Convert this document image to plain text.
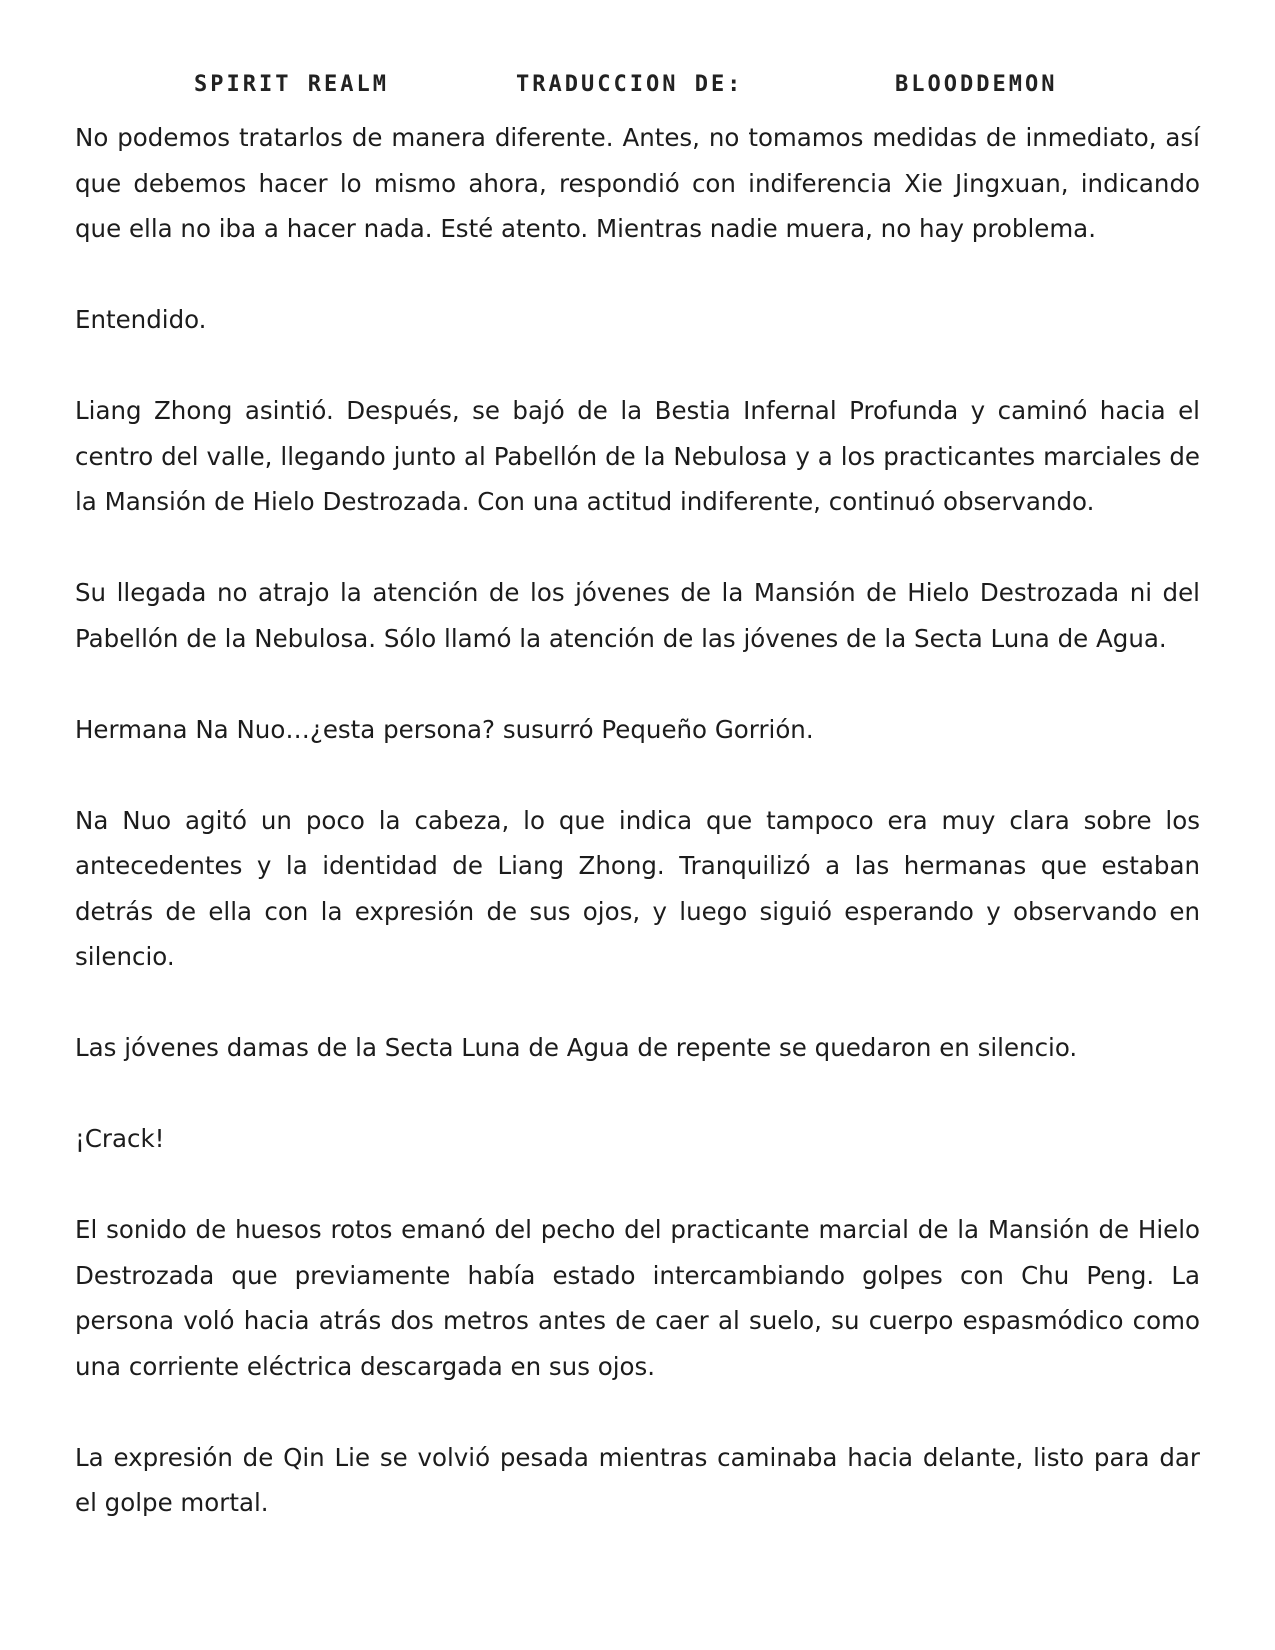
SPIRIT REALM	TRADUCCION DE:	BLOODDEMON

No podemos tratarlos de manera diferente. Antes, no tomamos medidas de inmediato, así que debemos hacer lo mismo ahora, respondió con indiferencia Xie Jingxuan, indicando que ella no iba a hacer nada. Esté atento. Mientras nadie muera, no hay problema.

Entendido.

Liang Zhong asintió. Después, se bajó de la Bestia Infernal Profunda y caminó hacia el centro del valle, llegando junto al Pabellón de la Nebulosa y a los practicantes marciales de la Mansión de Hielo Destrozada. Con una actitud indiferente, continuó observando.

Su llegada no atrajo la atención de los jóvenes de la Mansión de Hielo Destrozada ni del Pabellón de la Nebulosa. Sólo llamó la atención de las jóvenes de la Secta Luna de Agua.

Hermana Na Nuo…¿esta persona? susurró Pequeño Gorrión.

Na Nuo agitó un poco la cabeza, lo que indica que tampoco era muy clara sobre los antecedentes y la identidad de Liang Zhong. Tranquilizó a las hermanas que estaban detrás de ella con la expresión de sus ojos, y luego siguió esperando y observando en silencio.

Las jóvenes damas de la Secta Luna de Agua de repente se quedaron en silencio.

¡Crack!

El sonido de huesos rotos emanó del pecho del practicante marcial de la Mansión de Hielo Destrozada que previamente había estado intercambiando golpes con Chu Peng. La persona voló hacia atrás dos metros antes de caer al suelo, su cuerpo espasmódico como una corriente eléctrica descargada en sus ojos.

La expresión de Qin Lie se volvió pesada mientras caminaba hacia delante, listo para dar el golpe mortal.
